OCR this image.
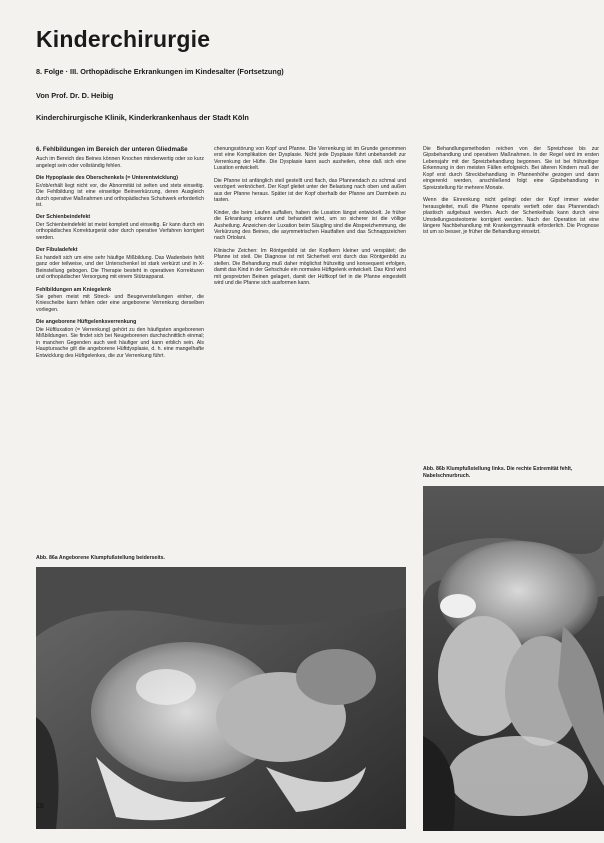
Kinderchirurgie
8. Folge · III. Orthopädische Erkrankungen im Kindesalter (Fortsetzung)
Von Prof. Dr. D. Heibig
Kinderchirurgische Klinik, Kinderkrankenhaus der Stadt Köln
6. Fehlbildungen im Bereich der unteren Gliedmaße

Auch im Bereich des Beines können Knochen minderwertig oder so kurz angelegt sein oder vollständig fehlen.

Die Hypoplasie des Oberschenkels (= Unterentwicklung)

Er/ob/erhält liegt nicht vor, die Abnormität ist selten und stets einseitig. Die Fehlbildung ist eine einseitige Beinverkürzung, deren Ausgleich durch operative Maßnahmen und orthopädisches Schuhwerk erforderlich ist.

Der Schienbeindefekt

Der Schienbeindefekt ist meist komplett und einseitig. Er kann durch ein orthopädisches Korrekturgerät oder durch operative Verfahren korrigiert werden.

Der Fibuladefekt

Es handelt sich um eine sehr häufige Mißbildung. Das Wadenbein fehlt ganz oder teilweise, und der Unterschenkel ist stark verkürzt und in X-Beinstellung gebogen. Die Therapie besteht in operativen Korrekturen und orthopädischer Versorgung mit einem Stützapparat.

Fehlbildungen am Kniegelenk

Sie gehen meist mit Streck- und Beugeverstellungen einher, die Kniescheibe kann fehlen oder eine angeborene Verrenkung derselben vorliegen.

Die angeborene Hüftgelenksverrenkung

Die Hüftluxation (= Verrenkung) gehört zu den häufigsten angeborenen Mißbildungen. Sie findet sich bei Neugeborenen durchschnittlich einmal; in manchen Gegenden auch weit häufiger und kann erblich sein. Als Hauptursache gilt die angeborene Hüftdysplasie, d. h. eine mangelhafte Entwicklung des Hüftgelenkes, die zur Verrenkung führt.

chenungsstörung von Kopf und Pfanne. Die Verrenkung ist im Grunde genommen erst eine Komplikation der Dysplasie. Nicht jede Dysplasie führt unbehandelt zur Verrenkung der Hüfte. Die Dysplasie kann auch ausheilen, ohne daß sich eine Luxation entwickelt.

Die Pfanne ist anfänglich steil gestellt und flach, das Pfannendach zu schmal und verzögert verknöchert. Der Kopf gleitet unter der Belastung nach oben und außen aus der Pfanne heraus. Später ist der Kopf oberhalb der Pfanne am Darmbein zu tasten.

Kinder, die beim Laufen auffallen, haben die Luxation längst entwickelt. Je früher die Erkrankung erkannt und behandelt wird, um so sicherer ist die völlige Ausheilung. Anzeichen der Luxation beim Säugling sind die Abspreizhemmung, die Verkürzung des Beines, die asymmetrischen Hautfalten und das Schnappzeichen nach Ortolani.

Klinische Zeichen: Im Röntgenbild ist der Kopfkern kleiner und verspätet; die Pfanne ist steil. Die Diagnose ist mit Sicherheit erst durch das Röntgenbild zu stellen. Die Behandlung muß daher möglichst frühzeitig und konsequent erfolgen, damit das Kind in der Gehschule ein normales Hüftgelenk entwickelt. Das Kind wird mit gespreizten Beinen gelagert, damit der Hüftkopf tief in die Pfanne eingestellt wird und die Pfanne sich ausformen kann.

Die Behandlungsmethoden reichen von der Spreizhose bis zur Gipsbehandlung und operativen Maßnahmen. In der Regel wird im ersten Lebensjahr mit der Spreizbehandlung begonnen. Sie ist bei frühzeitiger Erkennung in den meisten Fällen erfolgreich. Bei älteren Kindern muß der Kopf erst durch Streckbehandlung in Pfannenhöhe gezogen und dann eingerenkt werden, anschließend folgt eine Gipsbehandlung in Spreizstellung für mehrere Monate.

Wenn die Einrenkung nicht gelingt oder der Kopf immer wieder herausgleitet, muß die Pfanne operativ vertieft oder das Pfannendach plastisch aufgebaut werden. Auch der Schenkelhals kann durch eine Umstellungsosteotomie korrigiert werden. Nach der Operation ist eine längere Nachbehandlung mit Krankengymnastik erforderlich. Die Prognose ist um so besser, je früher die Behandlung einsetzt.

Abb. 86b Klumpfußstellung links. Die rechte Extremität fehlt, Nabelschnurbruch.
Abb. 86a Angeborene Klumpfußstellung beiderseits.
18
